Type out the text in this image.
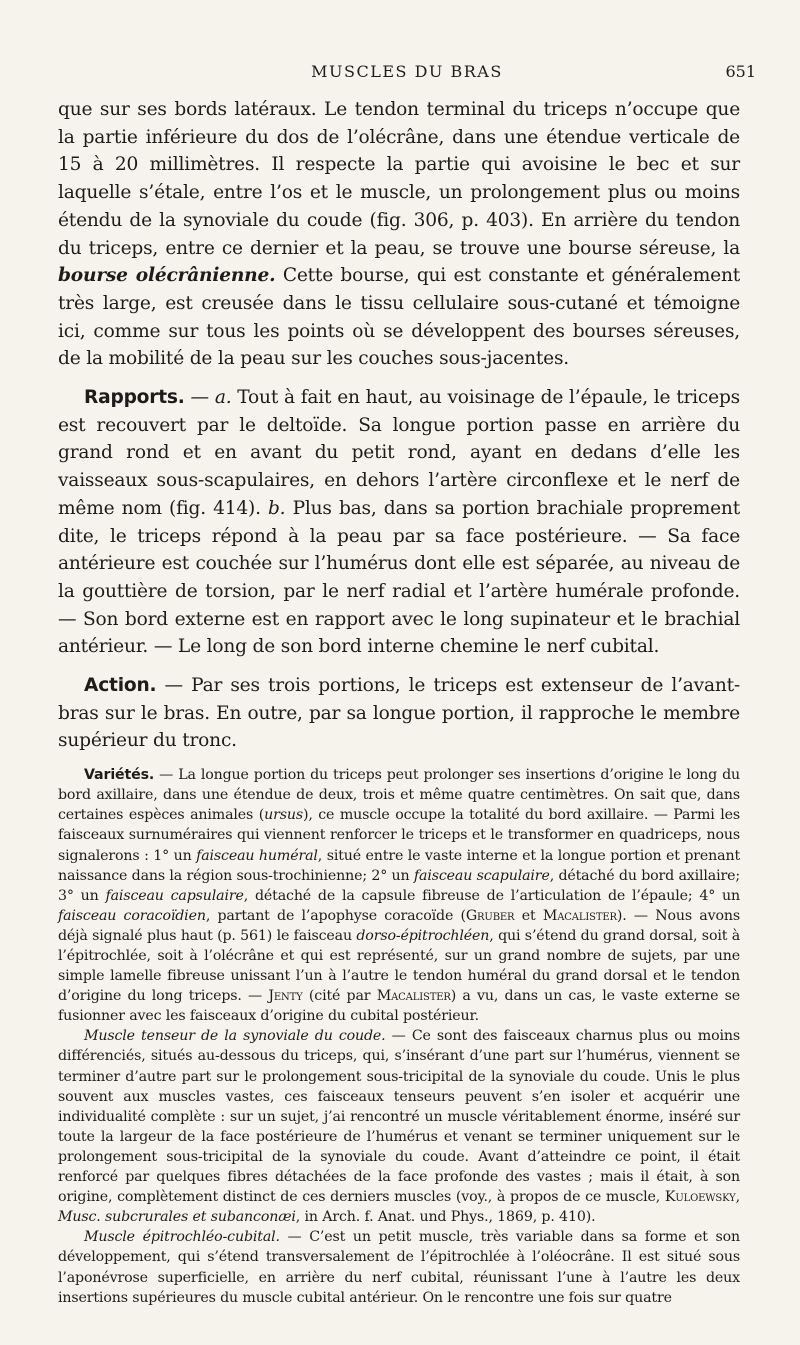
MUSCLES DU BRAS	651

que sur ses bords latéraux. Le tendon terminal du triceps n’occupe que la partie inférieure du dos de l’olécrâne, dans une étendue verticale de 15 à 20 millimètres. Il respecte la partie qui avoisine le bec et sur laquelle s’étale, entre l’os et le muscle, un prolongement plus ou moins étendu de la synoviale du coude (fig. 306, p. 403). En arrière du tendon du triceps, entre ce dernier et la peau, se trouve une bourse séreuse, la bourse olécrânienne. Cette bourse, qui est constante et généralement très large, est creusée dans le tissu cellulaire sous-cutané et témoigne ici, comme sur tous les points où se développent des bourses séreuses, de la mobilité de la peau sur les couches sous-jacentes.

Rapports. — a. Tout à fait en haut, au voisinage de l’épaule, le triceps est recouvert par le deltoïde. Sa longue portion passe en arrière du grand rond et en avant du petit rond, ayant en dedans d’elle les vaisseaux sous-scapulaires, en dehors l’artère circonflexe et le nerf de même nom (fig. 414). b. Plus bas, dans sa portion brachiale proprement dite, le triceps répond à la peau par sa face postérieure. — Sa face antérieure est couchée sur l’humérus dont elle est séparée, au niveau de la gouttière de torsion, par le nerf radial et l’artère humérale profonde. — Son bord externe est en rapport avec le long supinateur et le brachial antérieur. — Le long de son bord interne chemine le nerf cubital.

Action. — Par ses trois portions, le triceps est extenseur de l’avant-bras sur le bras. En outre, par sa longue portion, il rapproche le membre supérieur du tronc.

Variétés. — La longue portion du triceps peut prolonger ses insertions d’origine le long du bord axillaire, dans une étendue de deux, trois et même quatre centimètres. On sait que, dans certaines espèces animales (ursus), ce muscle occupe la totalité du bord axillaire. — Parmi les faisceaux surnuméraires qui viennent renforcer le triceps et le transformer en quadriceps, nous signalerons : 1° un faisceau huméral, situé entre le vaste interne et la longue portion et prenant naissance dans la région sous-trochinienne; 2° un faisceau scapulaire, détaché du bord axillaire; 3° un faisceau capsulaire, détaché de la capsule fibreuse de l’articulation de l’épaule; 4° un faisceau coracoïdien, partant de l’apophyse coracoïde (Gruber et Macalister). — Nous avons déjà signalé plus haut (p. 561) le faisceau dorso-épitrochléen, qui s’étend du grand dorsal, soit à l’épitrochlée, soit à l’olécrâne et qui est représenté, sur un grand nombre de sujets, par une simple lamelle fibreuse unissant l’un à l’autre le tendon huméral du grand dorsal et le tendon d’origine du long triceps. — Jenty (cité par Macalister) a vu, dans un cas, le vaste externe se fusionner avec les faisceaux d’origine du cubital postérieur.

Muscle tenseur de la synoviale du coude. — Ce sont des faisceaux charnus plus ou moins différenciés, situés au-dessous du triceps, qui, s’insérant d’une part sur l’humérus, viennent se terminer d’autre part sur le prolongement sous-tricipital de la synoviale du coude. Unis le plus souvent aux muscles vastes, ces faisceaux tenseurs peuvent s’en isoler et acquérir une individualité complète : sur un sujet, j’ai rencontré un muscle véritablement énorme, inséré sur toute la largeur de la face postérieure de l’humérus et venant se terminer uniquement sur le prolongement sous-tricipital de la synoviale du coude. Avant d’atteindre ce point, il était renforcé par quelques fibres détachées de la face profonde des vastes ; mais il était, à son origine, complètement distinct de ces derniers muscles (voy., à propos de ce muscle, Kuloewsky, Musc. subcrurales et subanconæi, in Arch. f. Anat. und Phys., 1869, p. 410).

Muscle épitrochléo-cubital. — C’est un petit muscle, très variable dans sa forme et son développement, qui s’étend transversalement de l’épitrochlée à l’oléocrâne. Il est situé sous l’aponévrose superficielle, en arrière du nerf cubital, réunissant l’une à l’autre les deux insertions supérieures du muscle cubital antérieur. On le rencontre une fois sur quatre
